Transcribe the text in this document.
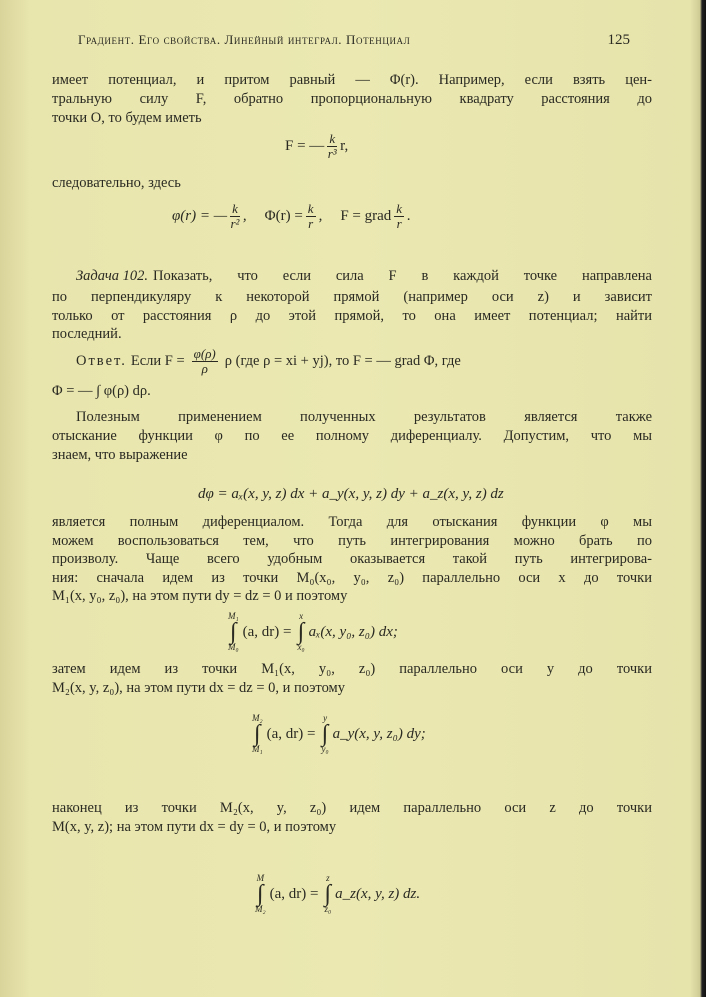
Градиент. Его свойства. Линейный интеграл. Потенциал	125
имеет потенциал, и притом равный — Φ(r). Например, если взять цен-
тральную силу F, обратно пропорциональную квадрату расстояния до
точки O, то будем иметь
F = — $\frac{k}{\text{r³}} r$,
следовательно, здесь
φ(r) = — $\frac{k}{\text{r²}}$ , $\Phi(r) = \frac{k}{r}$ , F = grad $\frac{k}{r}$ .
Задача 102. Показать, что если сила F в каждой точке направлена
по перпендикуляру к некоторой прямой (например оси z) и зависит
только от расстояния ρ до этой прямой, то она имеет потенциал; найти
последний.
Ответ. Если $F = \frac{\varphi(\rho)}{\rho}$ ρ (где ρ = xi + yj), то F = — grad Φ, где
Φ = — ∫ φ(ρ) dρ.
Полезным применением полученных результатов является также
отыскание функции φ по ее полному диференциалу. Допустим, что мы
знаем, что выражение
dφ = aₓ(x, y, z) dx + a_y(x, y, z) dy + a_z(x, y, z) dz
является полным диференциалом. Тогда для отыскания функции φ мы
можем воспользоваться тем, что путь интегрирования можно брать по
произволу. Чаще всего удобным оказывается такой путь интегрирова-
ния: сначала идем из точки M₀(x₀, y₀, z₀) параллельно оси x до точки
M₁(x, y₀, z₀), на этом пути dy = dz = 0 и поэтому
M₁
∫
M₀
(a, dr) =
x
∫
x₀
aₓ(x, y₀, z₀) dx;
затем идем из точки M₁(x, y₀, z₀) параллельно оси y до точки
M₂(x, y, z₀), на этом пути dx = dz = 0, и поэтому
M₂
∫
M₁
(a, dr) =
y
∫
y₀
a_y(x, y, z₀) dy;
наконец из точки M₂(x, y, z₀) идем параллельно оси z до точки
M(x, y, z); на этом пути dx = dy = 0, и поэтому
M
∫
M₂
(a, dr) =
z
∫
z₀
a_z(x, y, z) dz.
